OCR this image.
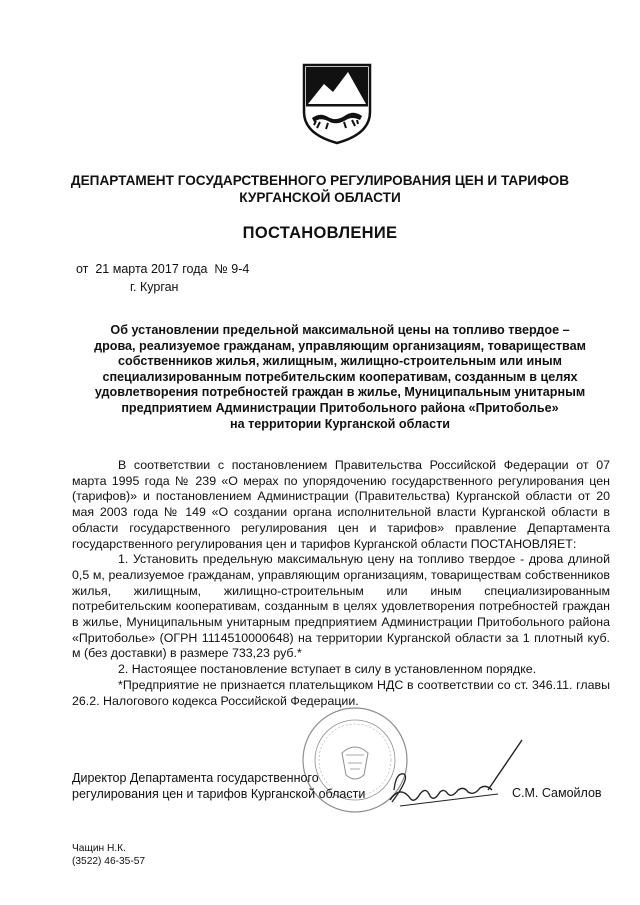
ДЕПАРТАМЕНТ ГОСУДАРСТВЕННОГО РЕГУЛИРОВАНИЯ ЦЕН И ТАРИФОВ
КУРГАНСКОЙ ОБЛАСТИ
ПОСТАНОВЛЕНИЕ
от  21 марта 2017 года  № 9-4
г. Курган
Об установлении предельной максимальной цены на топливо твердое –
дрова, реализуемое гражданам, управляющим организациям, товариществам
собственников жилья, жилищным, жилищно-строительным или иным
специализированным потребительским кооперативам, созданным в целях
удовлетворения потребностей граждан в жилье, Муниципальным унитарным
предприятием Администрации Притобольного района «Притоболье»
на территории Курганской области

В соответствии с постановлением Правительства Российской Федерации от 07 марта 1995 года № 239 «О мерах по упорядочению государственного регулирования цен (тарифов)» и постановлением Администрации (Правительства) Курганской области от 20 мая 2003 года № 149 «О создании органа исполнительной власти Курганской области в области государственного регулирования цен и тарифов» правление Департамента государственного регулирования цен и тарифов Курганской области ПОСТАНОВЛЯЕТ:

1. Установить предельную максимальную цену на топливо твердое - дрова длиной 0,5 м, реализуемое гражданам, управляющим организациям, товариществам собственников жилья, жилищным, жилищно-строительным или иным специализированным потребительским кооперативам, созданным в целях удовлетворения потребностей граждан в жилье, Муниципальным унитарным предприятием Администрации Притобольного района «Притоболье» (ОГРН 1114510000648) на территории Курганской области за 1 плотный куб. м (без доставки) в размере 733,23 руб.*

2. Настоящее постановление вступает в силу в установленном порядке.

*Предприятие не признается плательщиком НДС в соответствии со ст. 346.11. главы 26.2. Налогового кодекса Российской Федерации.

Директор Департамента государственного
регулирования цен и тарифов Курганской области	С.М. Самойлов
Чащин Н.К.
(3522) 46-35-57
